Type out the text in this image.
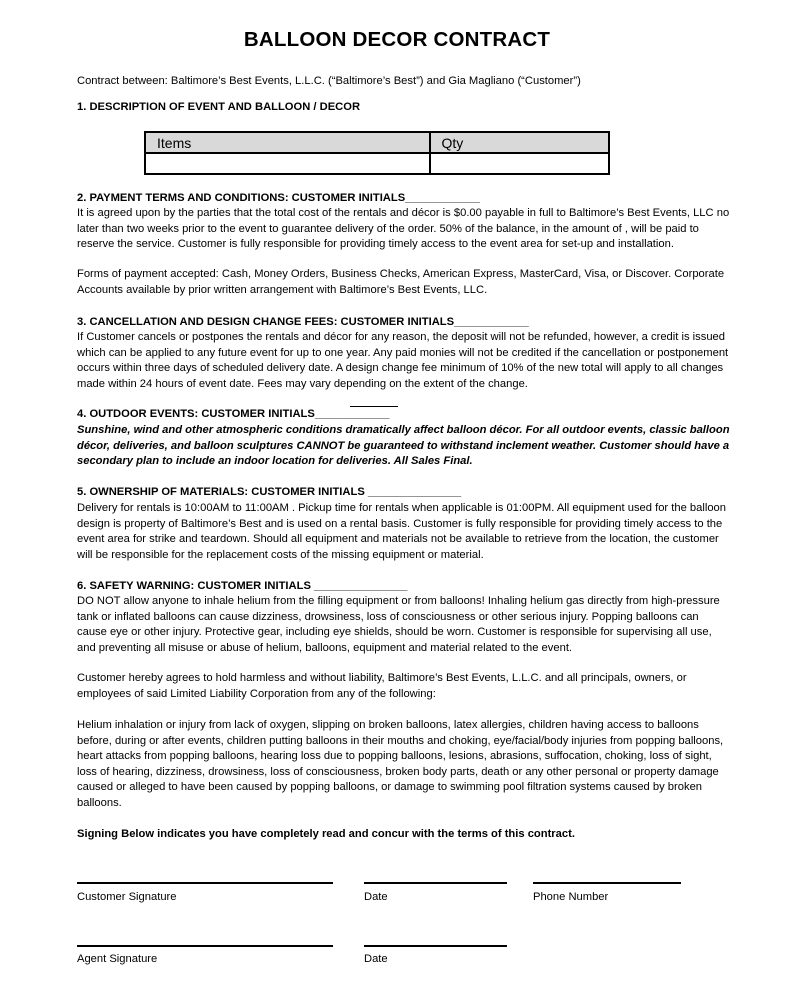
BALLOON DECOR CONTRACT
Contract between: Baltimore’s Best Events, L.L.C. (“Baltimore’s Best”) and Gia Magliano (“Customer”)
1. DESCRIPTION OF EVENT AND BALLOON / DECOR
Items	Qty

2. PAYMENT TERMS AND CONDITIONS: CUSTOMER INITIALS____________
It is agreed upon by the parties that the total cost of the rentals and décor is $0.00 payable in full to Baltimore’s Best Events, LLC no later than two weeks prior to the event to guarantee delivery of the order. 50% of the balance, in the amount of , will be paid to reserve the service. Customer is fully responsible for providing timely access to the event area for set-up and installation.
Forms of payment accepted: Cash, Money Orders, Business Checks, American Express, MasterCard, Visa, or Discover. Corporate Accounts available by prior written arrangement with Baltimore’s Best Events, LLC.
3. CANCELLATION AND DESIGN CHANGE FEES: CUSTOMER INITIALS____________
If Customer cancels or postpones the rentals and décor for any reason, the deposit will not be refunded, however, a credit is issued which can be applied to any future event for up to one year. Any paid monies will not be credited if the cancellation or postponement occurs within three days of scheduled delivery date. A design change fee minimum of 10% of the new total will apply to all changes made within 24 hours of event date. Fees may vary depending on the extent of the change.
4. OUTDOOR EVENTS: CUSTOMER INITIALS____________
Sunshine, wind and other atmospheric conditions dramatically affect balloon décor. For all outdoor events, classic balloon décor, deliveries, and balloon sculptures CANNOT be guaranteed to withstand inclement weather. Customer should have a secondary plan to include an indoor location for deliveries. All Sales Final.
5. OWNERSHIP OF MATERIALS: CUSTOMER INITIALS _______________
Delivery for rentals is 10:00AM to 11:00AM . Pickup time for rentals when applicable is 01:00PM. All equipment used for the balloon design is property of Baltimore’s Best and is used on a rental basis. Customer is fully responsible for providing timely access to the event area for strike and teardown. Should all equipment and materials not be available to retrieve from the location, the customer will be responsible for the replacement costs of the missing equipment or material.
6. SAFETY WARNING: CUSTOMER INITIALS _______________
DO NOT allow anyone to inhale helium from the filling equipment or from balloons! Inhaling helium gas directly from high-pressure tank or inflated balloons can cause dizziness, drowsiness, loss of consciousness or other serious injury. Popping balloons can cause eye or other injury. Protective gear, including eye shields, should be worn. Customer is responsible for supervising all use, and preventing all misuse or abuse of helium, balloons, equipment and material related to the event.
Customer hereby agrees to hold harmless and without liability, Baltimore’s Best Events, L.L.C. and all principals, owners, or employees of said Limited Liability Corporation from any of the following:
Helium inhalation or injury from lack of oxygen, slipping on broken balloons, latex allergies, children having access to balloons before, during or after events, children putting balloons in their mouths and choking, eye/facial/body injuries from popping balloons, heart attacks from popping balloons, hearing loss due to popping balloons, lesions, abrasions, suffocation, choking, loss of sight, loss of hearing, dizziness, drowsiness, loss of consciousness, broken body parts, death or any other personal or property damage caused or alleged to have been caused by popping balloons, or damage to swimming pool filtration systems caused by broken balloons.
Signing Below indicates you have completely read and concur with the terms of this contract.
Customer Signature	Date	Phone Number
Agent Signature	Date
